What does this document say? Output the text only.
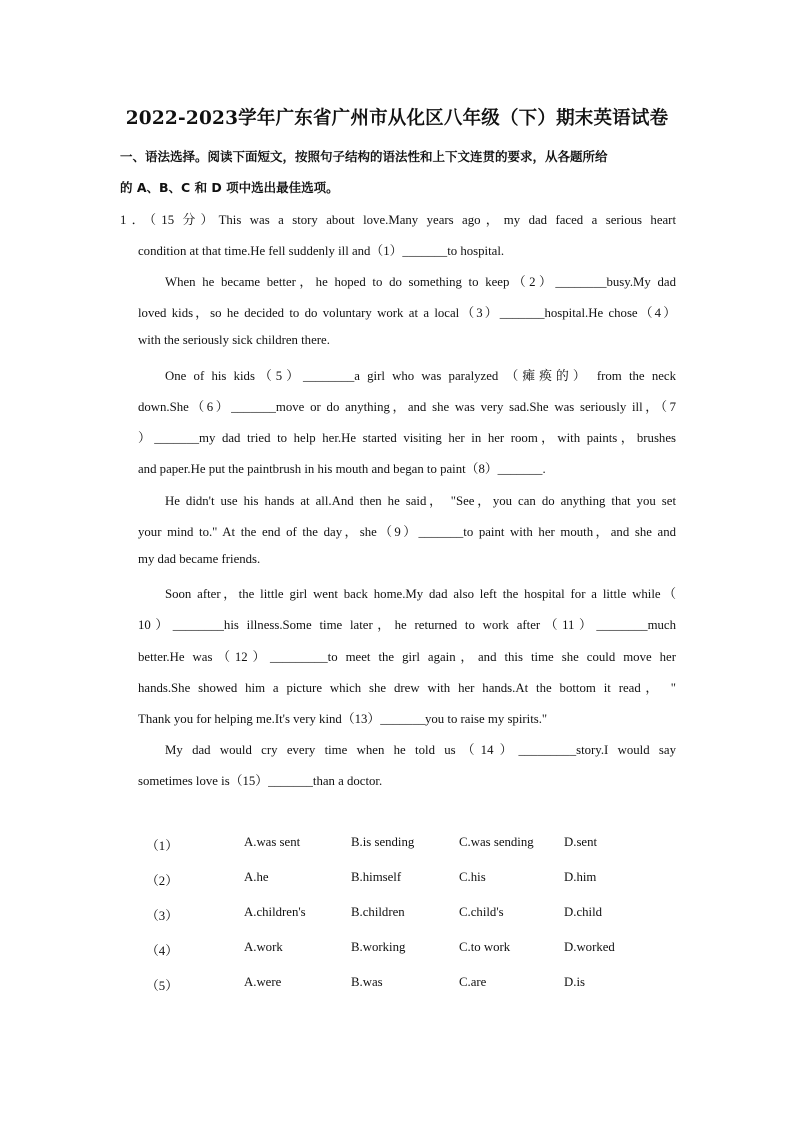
2022-2023学年广东省广州市从化区八年级（下）期末英语试卷
一、语法选择。阅读下面短文，按照句子结构的语法性和上下文连贯的要求，从各题所给
的 A、B、C 和 D 项中选出最佳选项。
1．（15 分）This was a story about love.Many years ago，my dad faced a serious heart
condition at that time.He fell suddenly ill and（1）_______to hospital.
When he became better，he hoped to do something to keep（2）________busy.My dad
loved kids，so he decided to do voluntary work at a local（3）_______hospital.He chose（4）
with the seriously sick children there.
One of his kids（5）________a girl who was paralyzed （瘫痪的） from the neck
down.She（6）_______move or do anything，and she was very sad.She was seriously ill，（7
）_______my dad tried to help her.He started visiting her in her room，with paints，brushes
and paper.He put the paintbrush in his mouth and began to paint（8）_______.
He didn't use his hands at all.And then he said， "See，you can do anything that you set
your mind to." At the end of the day，she（9）_______to paint with her mouth，and she and
my dad became friends.
Soon after，the little girl went back home.My dad also left the hospital for a little while（
10）________his illness.Some time later，he returned to work after（11）________much
better.He was（12）_________to meet the girl again，and this time she could move her
hands.She showed him a picture which she drew with her hands.At the bottom it read， "
Thank you for helping me.It's very kind（13）_______you to raise my spirits."
My dad would cry every time when he told us（14）_________story.I would say
sometimes love is（15）_______than a doctor.
（1）	A.was sent	B.is sending	C.was sending D.sent
（2）	A.he	B.himself	C.his	D.him
（3）	A.children's	B.children	C.child's	D.child
（4）	A.work	B.working	C.to work	D.worked
（5）	A.were	B.was	C.are	D.is
